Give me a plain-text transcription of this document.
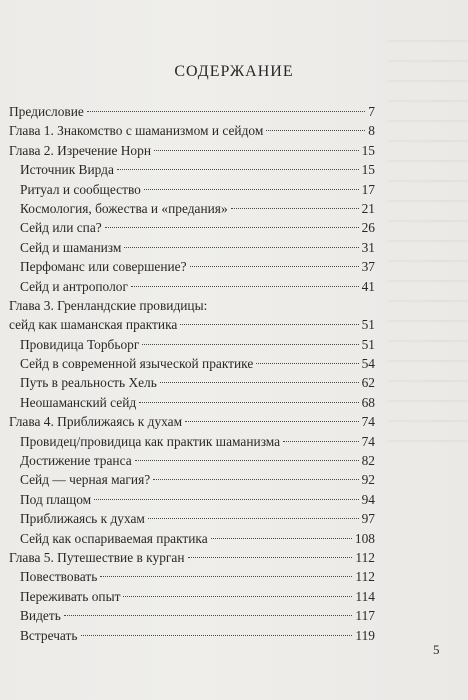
СОДЕРЖАНИЕ
Предисловие	7
Глава 1. Знакомство с шаманизмом и сейдом	8
Глава 2. Изречение Норн	15
Источник Вирда	15
Ритуал и сообщество	17
Космология, божества и «предания»	21
Сейд или спа?	26
Сейд и шаманизм	31
Перфоманс или совершение?	37
Сейд и антрополог	41
Глава 3. Гренландские провидицы:
сейд как шаманская практика	51
Провидица Торбьорг	51
Сейд в современной языческой практике	54
Путь в реальность Хель	62
Неошаманский сейд	68
Глава 4. Приближаясь к духам	74
Провидец/провидица как практик шаманизма	74
Достижение транса	82
Сейд — черная магия?	92
Под плащом	94
Приближаясь к духам	97
Сейд как оспариваемая практика	108
Глава 5. Путешествие в курган	112
Повествовать	112
Переживать опыт	114
Видеть	117
Встречать	119
5
